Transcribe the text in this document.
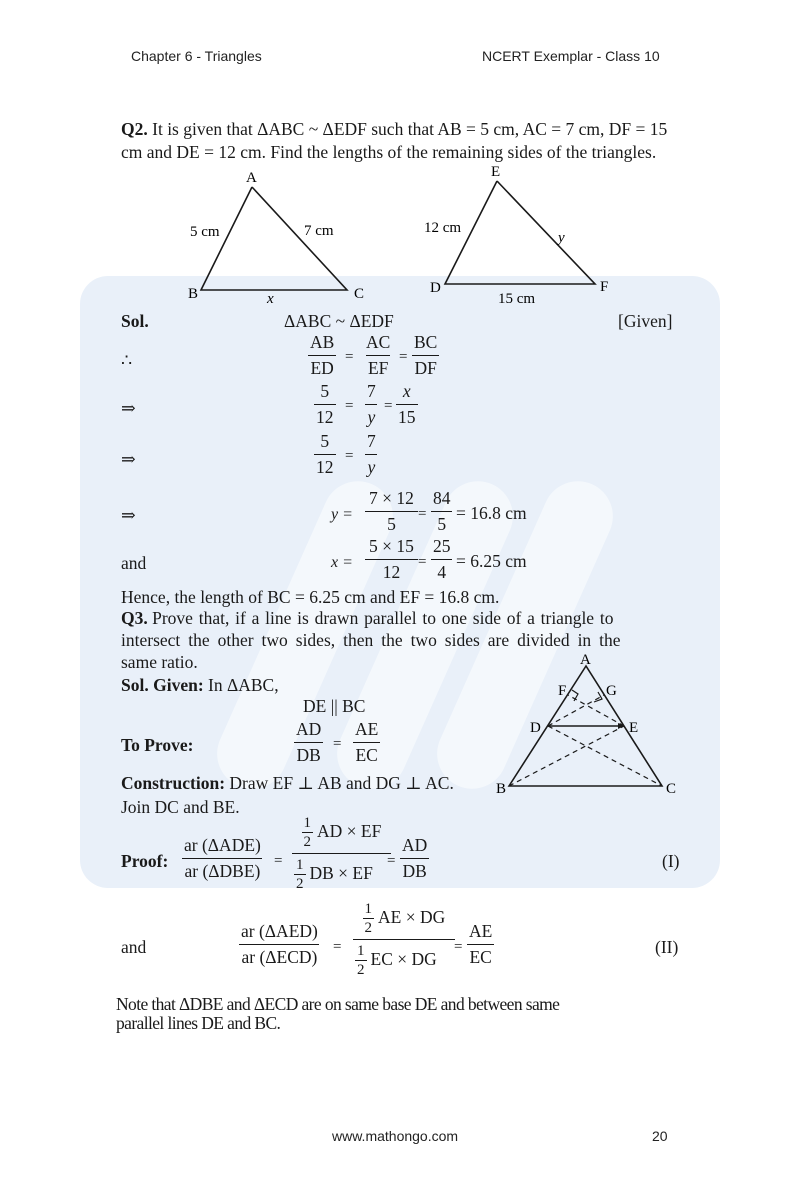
Chapter 6 - Triangles	NCERT Exemplar - Class 10
Q2. It is given that ΔABC ~ ΔEDF such that AB = 5 cm, AC = 7 cm, DF = 15
cm and DE = 12 cm. Find the lengths of the remaining sides of the triangles.
A
B	C
5 cm	7 cm
x
E
D	F
12 cm
y
15 cm
Sol.	ΔABC ~ ΔEDF	[Given]
∴	$\frac{AB}{ED} = \frac{AC}{EF} = \frac{BC}{DF}$
⇒	$\frac{5}{12} = \frac{7}{y} = \frac{x}{15}$
⇒	$\frac{5}{12} = \frac{7}{y}$
⇒	$y = \frac{7 \times 12}{5}$
= $\frac{84}{5} = 16.8$ cm
and	$x = \frac{5 \times 15}{12}$
= $\frac{25}{4} = 6.25$ cm
Hence, the length of BC = 6.25 cm and EF = 16.8 cm.
Q3. Prove that, if a line is drawn parallel to one side of a triangle to
intersect the other two sides, then the two sides are divided in the
same ratio.
Sol. Given: In ΔABC,
DE || BC
To Prove:	$\frac{AD}{DB} = \frac{AE}{EC}$
Construction: Draw EF ⊥ AB and DG ⊥ AC.
Join DC and BE.
A
F	G
D	E
B	C
Proof:
ar (ΔADE)
ar $(\Delta DBE) = \frac{\frac{1}{2} AD \times EF}{\frac{1}{2} DB \times EF}$
= $\frac{AD}{DB}$	(I)
and
ar (ΔAED)
ar $(\Delta ECD) = \frac{\frac{1}{2} AE \times DG}{\frac{1}{2} EC \times DG} = \frac{AE}{EC}$	(II)
Note that ΔDBE and ΔECD are on same base DE and between same
parallel lines DE and BC.
www.mathongo.com	20
